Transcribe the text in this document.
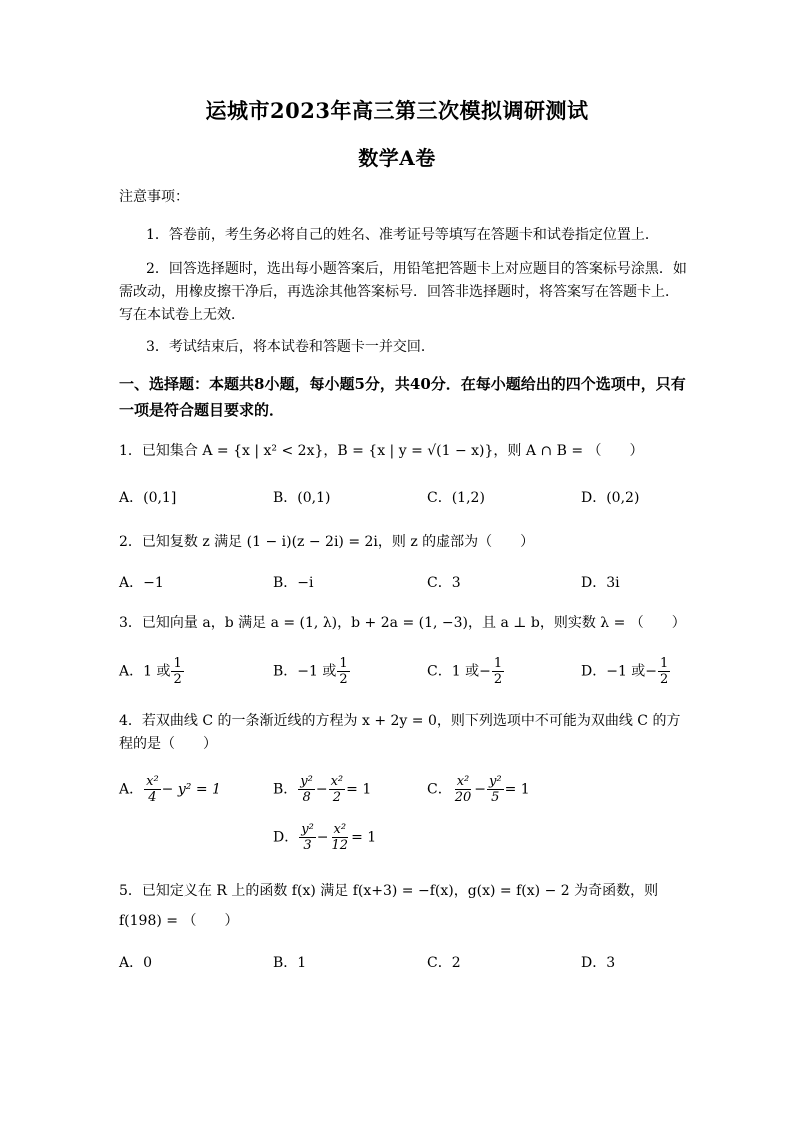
运城市2023年高三第三次模拟调研测试
数学A卷
注意事项：
1．答卷前，考生务必将自己的姓名、准考证号等填写在答题卡和试卷指定位置上．
2．回答选择题时，选出每小题答案后，用铅笔把答题卡上对应题目的答案标号涂黑．如需改动，用橡皮擦干净后，再选涂其他答案标号．回答非选择题时，将答案写在答题卡上．写在本试卷上无效．
3．考试结束后，将本试卷和答题卡一并交回．
一、选择题：本题共8小题，每小题5分，共40分．在每小题给出的四个选项中，只有一项是符合题目要求的．
1．已知集合 A = {x | x² < 2x}，B = {x | y = √(1 − x)}，则 A ∩ B = （　　）
A．(0,1]	B．(0,1)	C．(1,2)	D．(0,2)
2．已知复数 z 满足 (1 − i)(z − 2i) = 2i，则 z 的虚部为（　　）
A．−1	B．−i	C．3	D．3i
3．已知向量 a，b 满足 a = (1, λ)，b + 2a = (1, −3)，且 a ⊥ b，则实数 λ = （　　）
A．1 或 $\frac{1}{2}$	B．−1 或 $\frac{1}{2}$	C．1 或− $\frac{1}{2}$	D．−1 或− $\frac{1}{2}$
4．若双曲线 C 的一条渐近线的方程为 x + 2y = 0，则下列选项中不可能为双曲线 C 的方程的是（　　）
A． $\frac{\text{x²}}{4} - y^2 = 1$	B． $\frac{\text{y²}}{8} - \frac{\text{x²}}{2} = 1$	C． $\frac{\text{x²}}{20} - \frac{\text{y²}}{5} = 1$
D． $\frac{\text{y²}}{3} - \frac{\text{x²}}{12} = 1$
5．已知定义在 R 上的函数 f(x) 满足 f(x+3) = −f(x)，g(x) = f(x) − 2 为奇函数，则
f(198) = （　　）
A．0	B．1	C．2	D．3
